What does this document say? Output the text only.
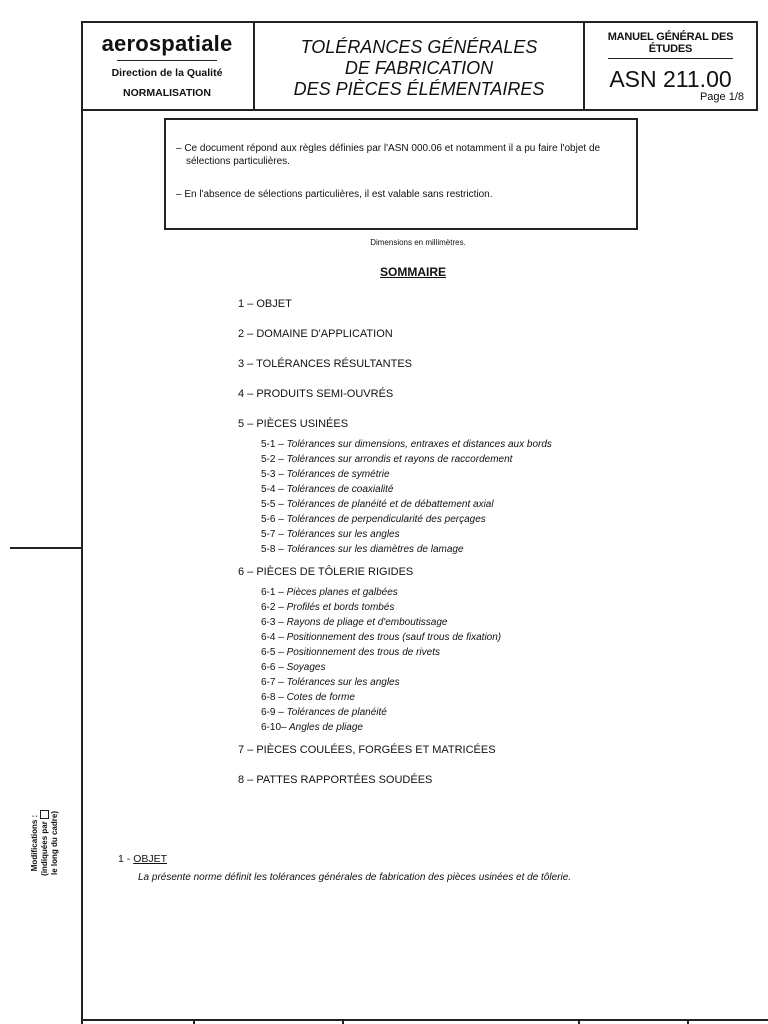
aerospatiale
Direction de la Qualité
NORMALISATION
TOLÉRANCES GÉNÉRALES
DE FABRICATION
DES PIÈCES ÉLÉMENTAIRES
MANUEL GÉNÉRAL DES ÉTUDES
ASN 211.00
Page 1/8

– Ce document répond aux règles définies par l'ASN 000.06 et notamment il a pu faire l'objet de sélections particulières.

– En l'absence de sélections particulières, il est valable sans restriction.

Dimensions en millimètres.
SOMMAIRE
1 – OBJET
2 – DOMAINE D'APPLICATION
3 – TOLÉRANCES RÉSULTANTES
4 – PRODUITS SEMI-OUVRÉS
5 – PIÈCES USINÉES
5-1 – Tolérances sur dimensions, entraxes et distances aux bords
5-2 – Tolérances sur arrondis et rayons de raccordement
5-3 – Tolérances de symétrie
5-4 – Tolérances de coaxialité
5-5 – Tolérances de planéité et de débattement axial
5-6 – Tolérances de perpendicularité des perçages
5-7 – Tolérances sur les angles
5-8 – Tolérances sur les diamètres de lamage
6 – PIÈCES DE TÔLERIE RIGIDES
6-1 – Pièces planes et galbées
6-2 – Profilés et bords tombés
6-3 – Rayons de pliage et d'emboutissage
6-4 – Positionnement des trous (sauf trous de fixation)
6-5 – Positionnement des trous de rivets
6-6 – Soyages
6-7 – Tolérances sur les angles
6-8 – Cotes de forme
6-9 – Tolérances de planéité
6-10– Angles de pliage
7 – PIÈCES COULÉES, FORGÉES ET MATRICÉES
8 – PATTES RAPPORTÉES SOUDÉES
Modifications : (indiquées par le long du cadre)	1 - OBJET
La présente norme définit les tolérances générales de fabrication des pièces usinées et de tôlerie.
